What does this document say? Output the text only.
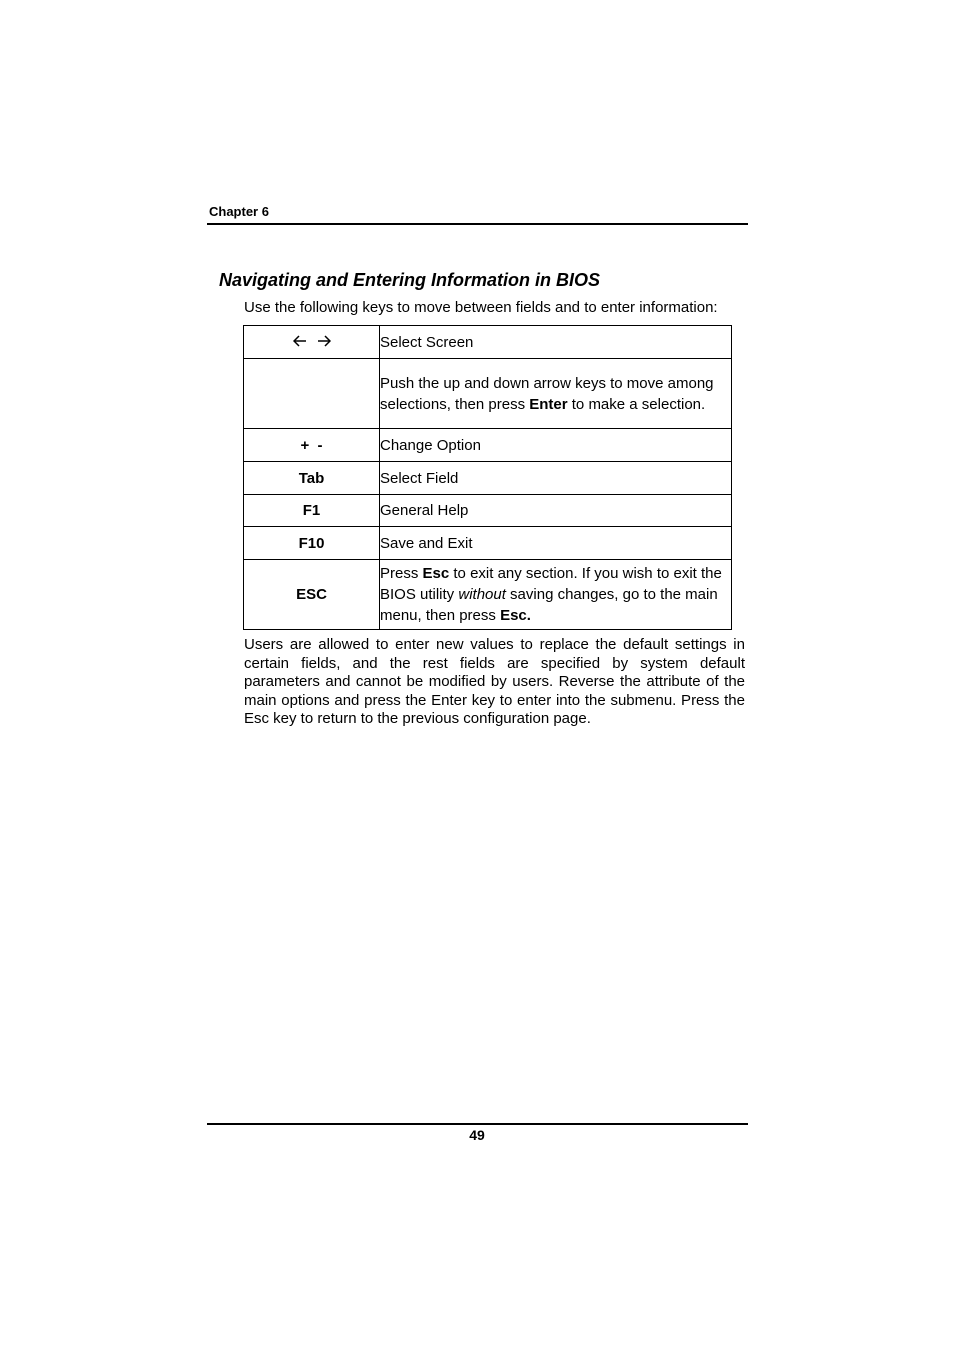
Chapter 6
Navigating and Entering Information in BIOS
Use the following keys to move between fields and to enter information:
	Select Screen
	Push the up and down arrow keys to move among selections, then press Enter to make a selection.
+  -	Change Option
Tab	Select Field
F1	General Help
F10	Save and Exit
ESC	Press Esc to exit any section. If you wish to exit the BIOS utility without saving changes, go to the main menu, then press Esc.
Users are allowed to enter new values to replace the default settings in certain fields, and the rest fields are specified by system default parameters and cannot be modified by users. Reverse the attribute of the main options and press the Enter key to enter into the submenu. Press the Esc key to return to the previous configuration page.
49
